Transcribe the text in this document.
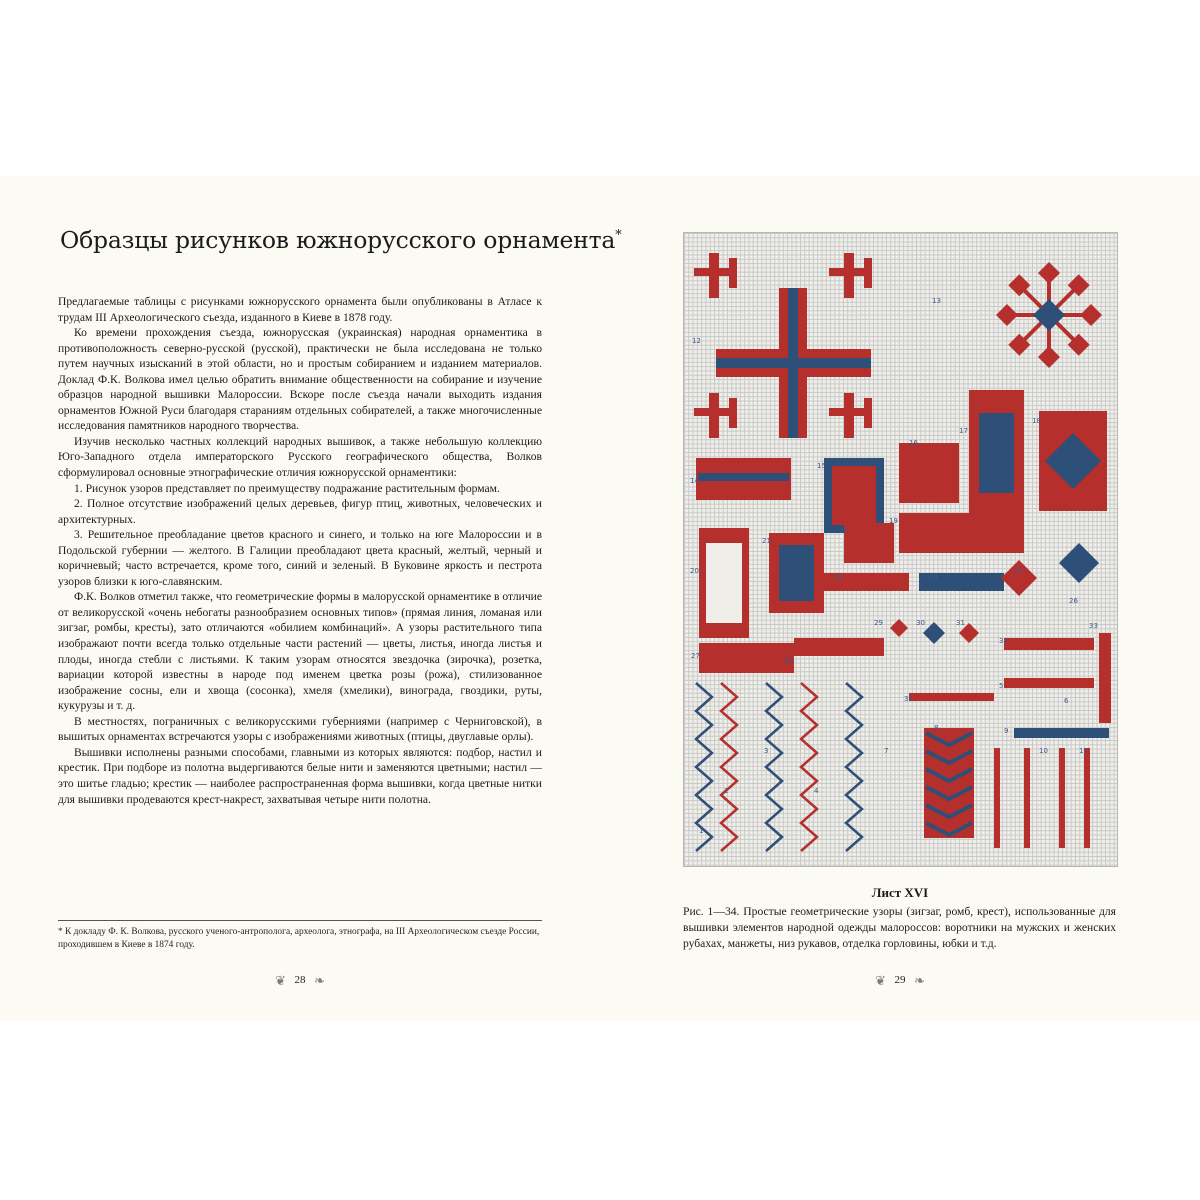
Образцы рисунков южнорусского орнамента*

Предлагаемые таблицы с рисунками южнорусского орнамента были опубликованы в Атласе к трудам III Археологического съезда, изданного в Киеве в 1878 году.

Ко времени прохождения съезда, южнорусская (украинская) народная орнаментика в противоположность северно-русской (русской), практически не была исследована не только путем научных изысканий в этой области, но и простым собиранием и изданием материалов. Доклад Ф.К. Волкова имел целью обратить внимание общественности на собирание и изучение образцов народной вышивки Малороссии. Вскоре после съезда начали выходить издания орнаментов Южной Руси благодаря стараниям отдельных собирателей, а также многочисленные исследования памятников народного творчества.

Изучив несколько частных коллекций народных вышивок, а также небольшую коллекцию Юго-Западного отдела императорского Русского географического общества, Волков сформулировал основные этнографические отличия южнорусской орнаментики:

1. Рисунок узоров представляет по преимуществу подражание растительным формам.

2. Полное отсутствие изображений целых деревьев, фигур птиц, животных, человеческих и архитектурных.

3. Решительное преобладание цветов красного и синего, и только на юге Малороссии и в Подольской губернии — желтого. В Галиции преобладают цвета красный, желтый, черный и коричневый; часто встречается, кроме того, синий и зеленый. В Буковине яркость и пестрота узоров близки к юго-славянским.

Ф.К. Волков отметил также, что геометрические формы в малорусской орнаментике в отличие от великорусской «очень небогаты разнообразием основных типов» (прямая линия, ломаная или зигзаг, ромбы, кресты), зато отличаются «обилием комбинаций». А узоры растительного типа изображают почти всегда только отдельные части растений — цветы, листья, иногда листья и плоды, иногда стебли с листьями. К таким узорам относятся звездочка (зирочка), розетка, вариации которой известны в народе под именем цветка розы (рожа), стилизованное изображение сосны, ели и хвоща (сосонка), хмеля (хмелики), винограда, гвоздики, руты, кукурузы и т. д.

В местностях, пограничных с великорусскими губерниями (например с Черниговской), в вышитых орнаментах встречаются узоры с изображениями животных (птицы, двуглавые орлы).

Вышивки исполнены разными способами, главными из которых являются: подбор, настил и крестик. При подборе из полотна выдергиваются белые нити и заменяются цветными; настил — это шитье гладью; крестик — наиболее распространенная форма вышивки, когда цветные нитки для вышивки продеваются крест-накрест, захватывая четыре нити полотна.

* К докладу Ф. К. Волкова, русского ученого-антрополога, археолога, этнографа, на III Археологическом съезде России, проходившем в Киеве в 1874 году.
❦ 28 ❧
12
13
14
15
16
17
18
19
20
21
22
23	24
25
26
27
28
29	30	31
32
33
34
5
6
7
8	9
10	11
4
3
2
1
Лист XVI
Рис. 1—34. Простые геометрические узоры (зигзаг, ромб, крест), использованные для вышивки элементов народной одежды малороссов: воротники на мужских и женских рубахах, манжеты, низ рукавов, отделка горловины, юбки и т.д.
❦ 29 ❧
